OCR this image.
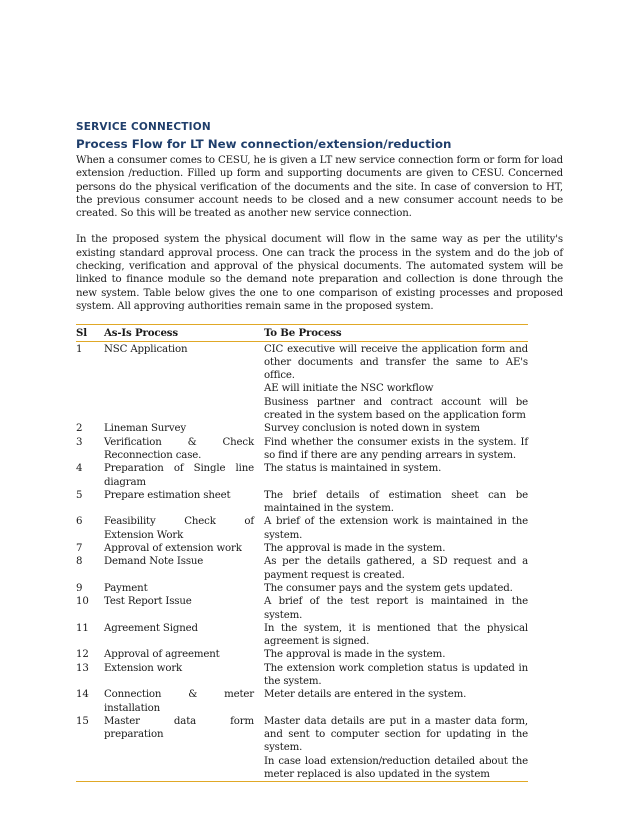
SERVICE CONNECTION
Process Flow for LT New connection/extension/reduction

When a consumer comes to CESU, he is given a LT new service connection form or form for load extension /reduction. Filled up form and supporting documents are given to CESU. Concerned persons do the physical verification of the documents and the site. In case of conversion to HT, the previous consumer account needs to be closed and a new consumer account needs to be created. So this will be treated as another new service connection.

In the proposed system the physical document will flow in the same way as per the utility's existing standard approval process. One can track the process in the system and do the job of checking, verification and approval of the physical documents. The automated system will be linked to finance module so the demand note preparation and collection is done through the new system. Table below gives the one to one comparison of existing processes and proposed system. All approving authorities remain same in the proposed system.

Sl	As-Is Process	To Be Process
1	NSC Application	CIC executive will receive the application form and other documents and transfer the same to AE's office.
AE will initiate the NSC workflow
Business partner and contract account will be created in the system based on the application form

2	Lineman Survey	Survey conclusion is noted down in system

3	Verification & Check Reconnection case.	Find whether the consumer exists in the system. If so find if there are any pending arrears in system.

4	Preparation of Single line diagram	The status is maintained in system.

5	Prepare estimation sheet	The brief details of estimation sheet can be maintained in the system.

6	Feasibility Check of Extension Work	A brief of the extension work is maintained in the system.

7	Approval of extension work	The approval is made in the system.

8	Demand Note Issue	As per the details gathered, a SD request and a payment request is created.

9	Payment	The consumer pays and the system gets updated.

10	Test Report Issue	A brief of the test report is maintained in the system.

11	Agreement Signed	In the system, it is mentioned that the physical agreement is signed.

12	Approval of agreement	The approval is made in the system.

13	Extension work	The extension work completion status is updated in the system.

14	Connection & meter installation	Meter details are entered in the system.

15	Master data form preparation	Master data details are put in a master data form, and sent to computer section for updating in the system.
In case load extension/reduction detailed about the meter replaced is also updated in the system
